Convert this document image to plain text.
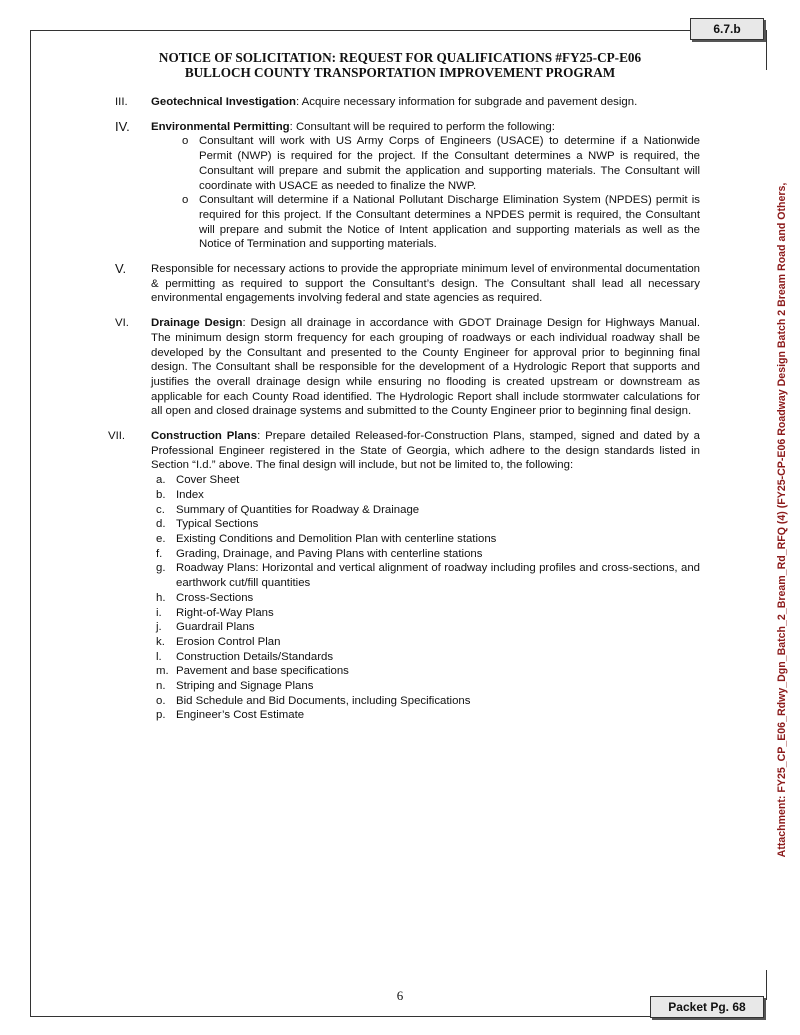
6.7.b
Packet Pg. 68
Attachment: FY25_CP_E06_Rdwy_Dgn_Batch_2_Bream_Rd_RFQ (4) (FY25-CP-E06 Roadway Design Batch 2 Bream Road and Others,
NOTICE OF SOLICITATION: REQUEST FOR QUALIFICATIONS #FY25-CP-E06
BULLOCH COUNTY TRANSPORTATION IMPROVEMENT PROGRAM
III. Geotechnical Investigation: Acquire necessary information for subgrade and pavement design.
IV. Environmental Permitting: Consultant will be required to perform the following:
o Consultant will work with US Army Corps of Engineers (USACE) to determine if a Nationwide Permit (NWP) is required for the project. If the Consultant determines a NWP is required, the Consultant will prepare and submit the application and supporting materials. The Consultant will coordinate with USACE as needed to finalize the NWP.
o Consultant will determine if a National Pollutant Discharge Elimination System (NPDES) permit is required for this project. If the Consultant determines a NPDES permit is required, the Consultant will prepare and submit the Notice of Intent application and supporting materials as well as the Notice of Termination and supporting materials.
V. Responsible for necessary actions to provide the appropriate minimum level of environmental documentation & permitting as required to support the Consultant’s design. The Consultant shall lead all necessary environmental engagements involving federal and state agencies as required.
VI. Drainage Design: Design all drainage in accordance with GDOT Drainage Design for Highways Manual. The minimum design storm frequency for each grouping of roadways or each individual roadway shall be developed by the Consultant and presented to the County Engineer for approval prior to beginning final design. The Consultant shall be responsible for the development of a Hydrologic Report that supports and justifies the overall drainage design while ensuring no flooding is created upstream or downstream as applicable for each County Road identified. The Hydrologic Report shall include stormwater calculations for all open and closed drainage systems and submitted to the County Engineer prior to beginning final design.
VII. Construction Plans: Prepare detailed Released-for-Construction Plans, stamped, signed and dated by a Professional Engineer registered in the State of Georgia, which adhere to the design standards listed in Section “I.d.” above. The final design will include, but not be limited to, the following:
a. Cover Sheet
b. Index
c. Summary of Quantities for Roadway & Drainage
d. Typical Sections
e. Existing Conditions and Demolition Plan with centerline stations
f. Grading, Drainage, and Paving Plans with centerline stations
g. Roadway Plans: Horizontal and vertical alignment of roadway including profiles and cross-sections, and earthwork cut/fill quantities
h. Cross-Sections
i. Right-of-Way Plans
j. Guardrail Plans
k. Erosion Control Plan
l. Construction Details/Standards
m. Pavement and base specifications
n. Striping and Signage Plans
o. Bid Schedule and Bid Documents, including Specifications
p. Engineer’s Cost Estimate
6
